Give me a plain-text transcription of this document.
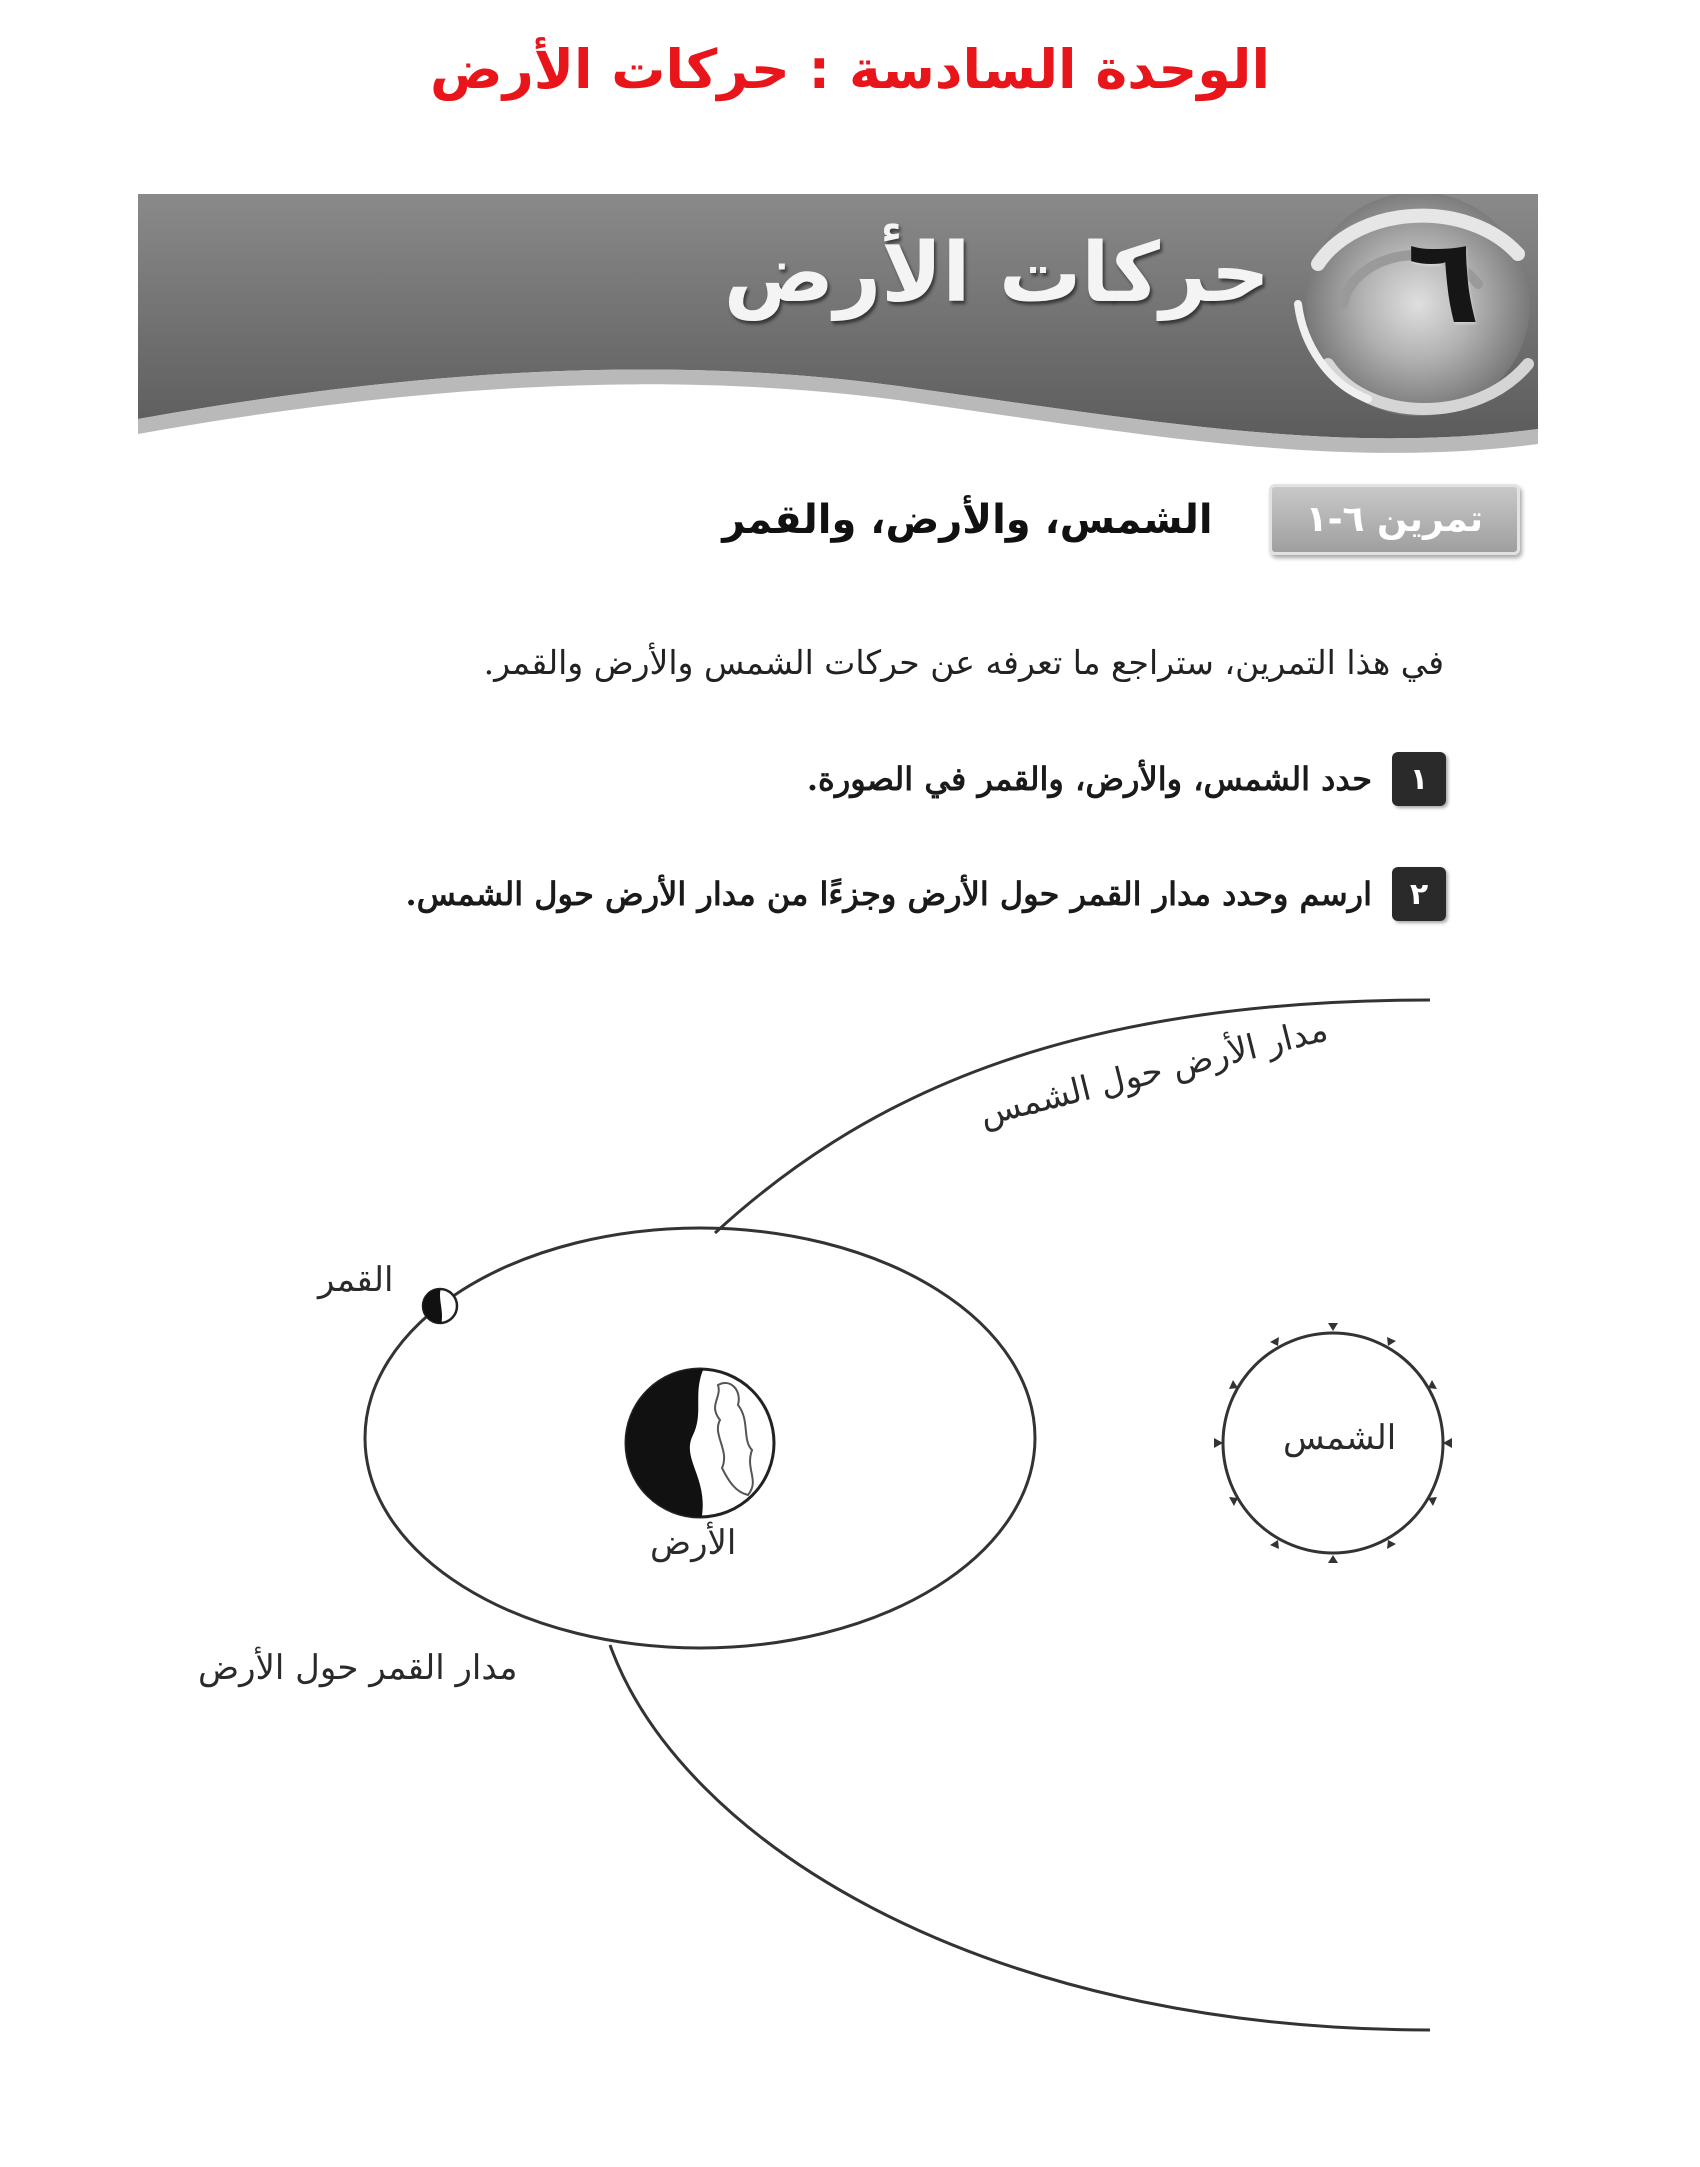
الوحدة السادسة : حركات الأرض
حركات الأرض ٦
تمرين ٦-١
الشمس، والأرض، والقمر
في هذا التمرين، ستراجع ما تعرفه عن حركات الشمس والأرض والقمر.
١
حدد الشمس، والأرض، والقمر في الصورة.
٢
ارسم وحدد مدار القمر حول الأرض وجزءًا من مدار الأرض حول الشمس.
مدار الأرض حول الشمس
القمر
الأرض
الشمس
مدار القمر حول الأرض
